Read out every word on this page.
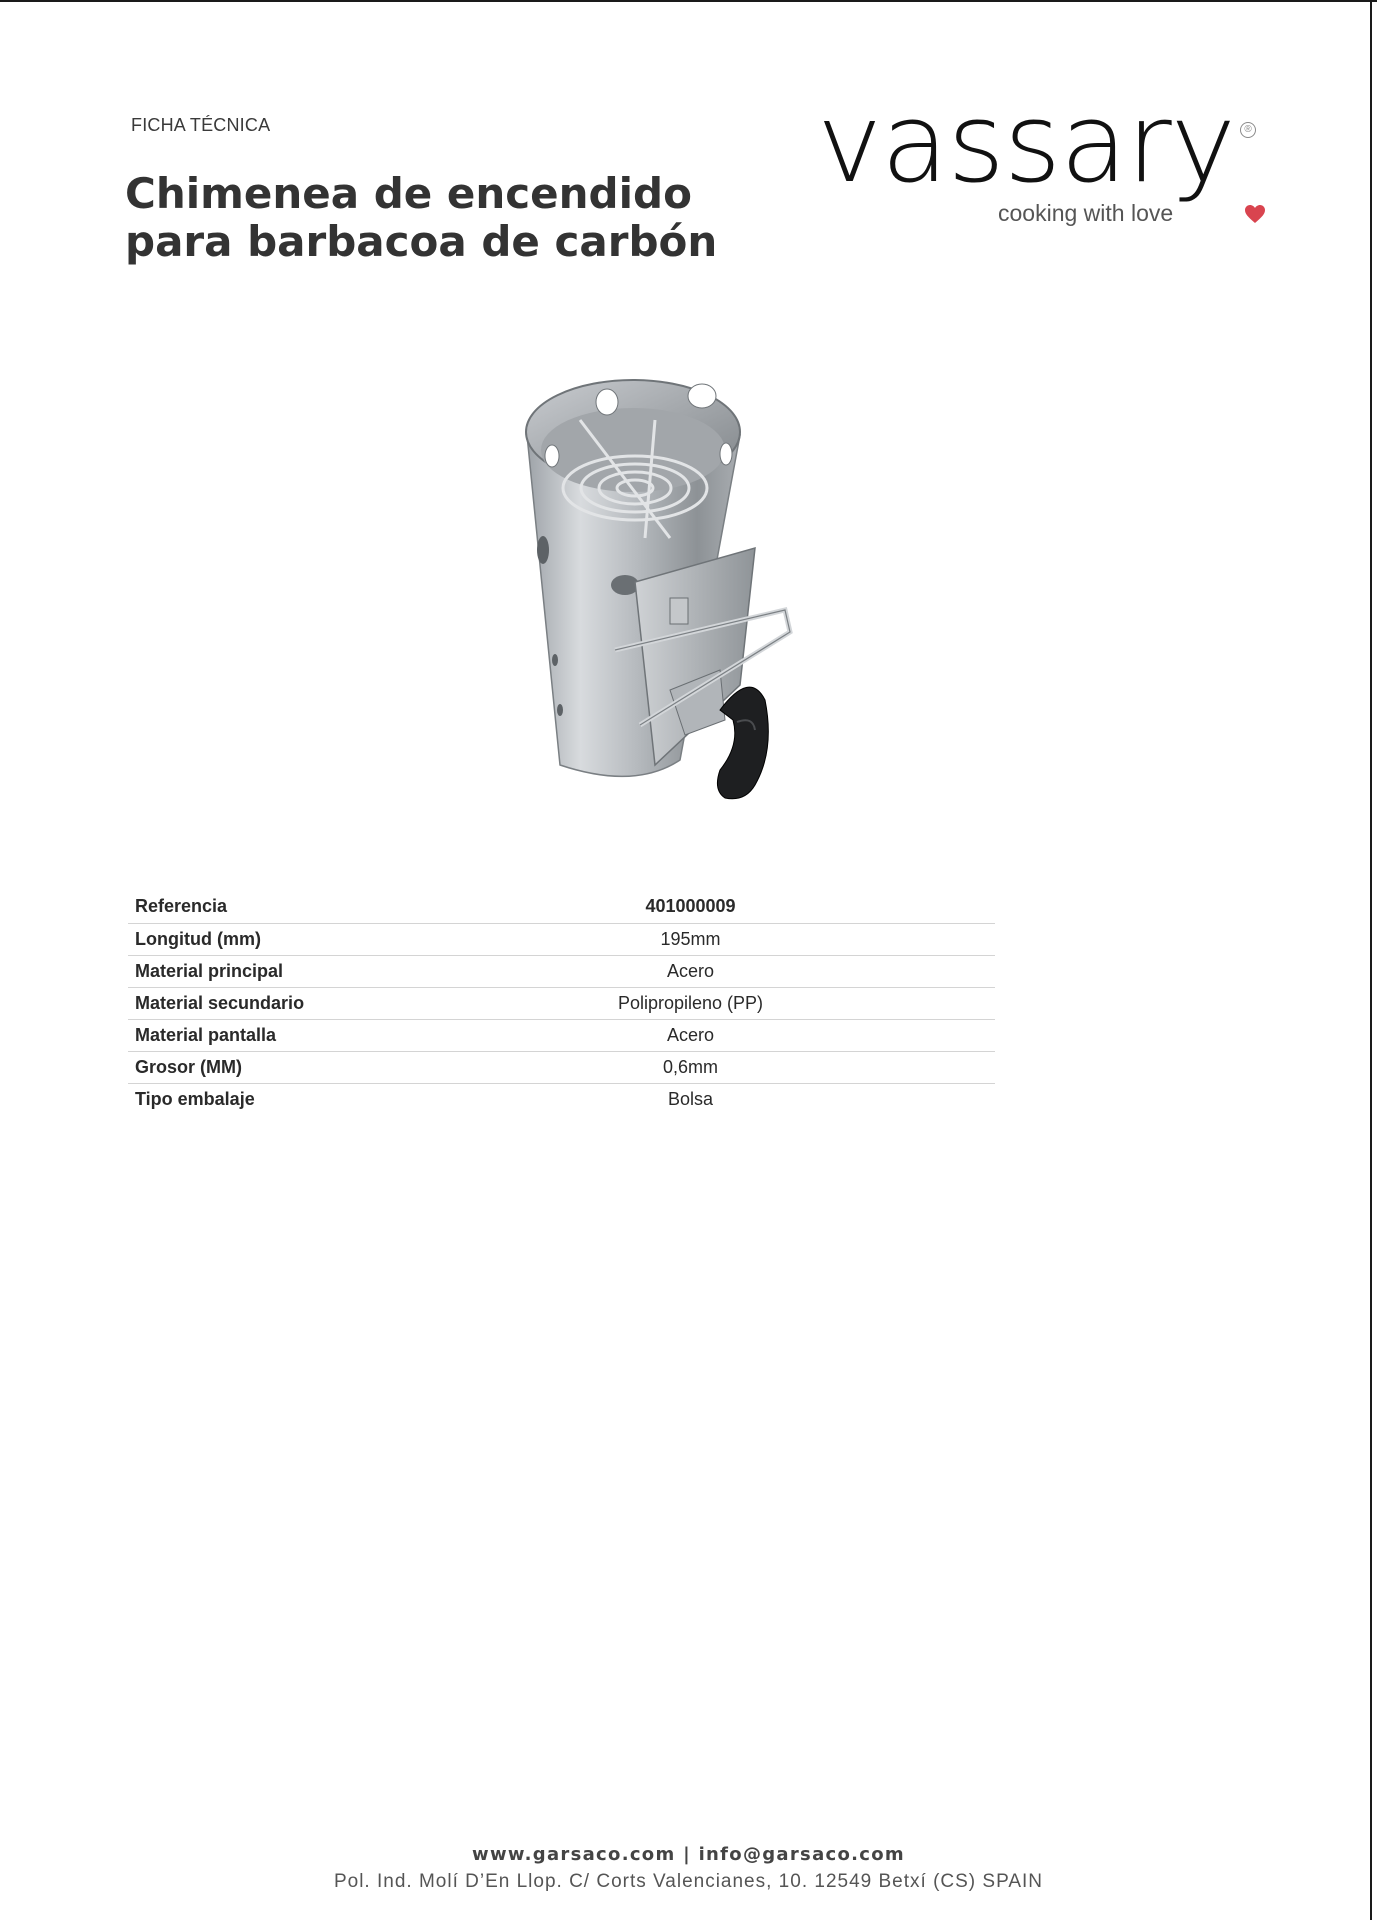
FICHA TÉCNICA
Chimenea de encendido
para barbacoa de carbón
vassary ®
cooking with love
Referencia	401000009
Longitud (mm)	195mm
Material principal	Acero
Material secundario	Polipropileno (PP)
Material pantalla	Acero
Grosor (MM)	0,6mm
Tipo embalaje	Bolsa
www.garsaco.com | info@garsaco.com
Pol. Ind. Molí D’En Llop. C/ Corts Valencianes, 10. 12549 Betxí (CS) SPAIN
